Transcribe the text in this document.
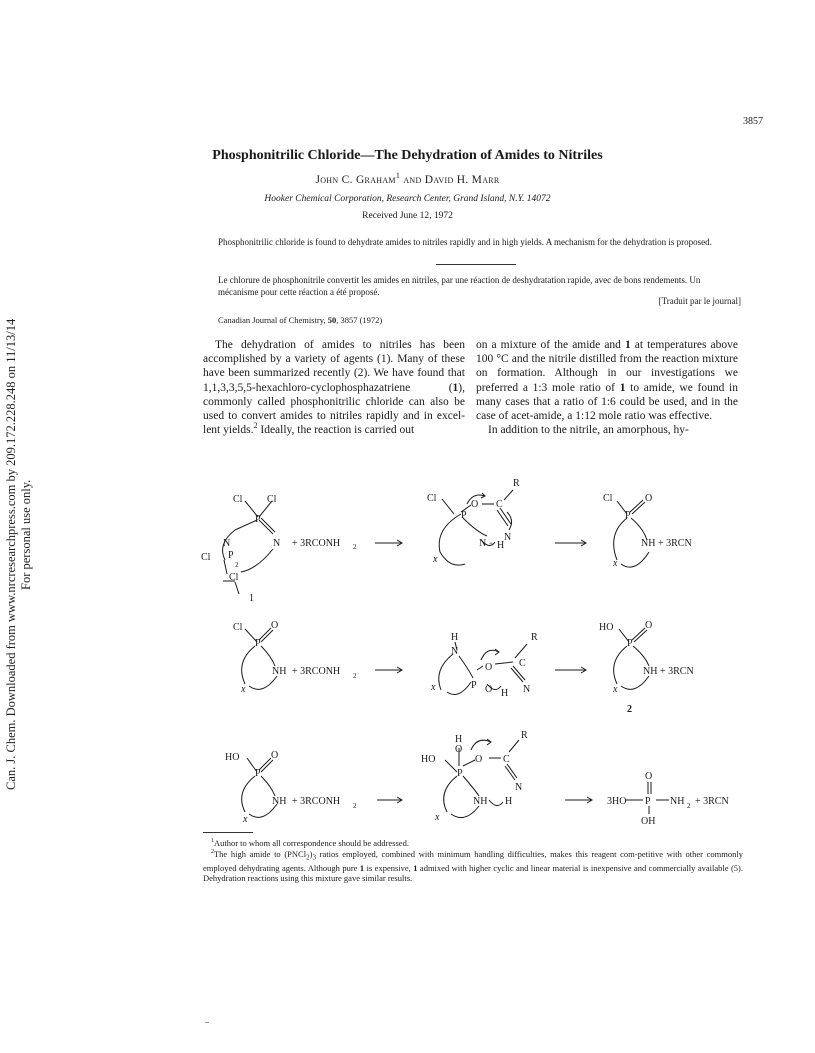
Can. J. Chem. Downloaded from www.nrcresearchpress.com by 209.172.228.248 on 11/13/14 For personal use only.
3857
Phosphonitrilic Chloride—The Dehydration of Amides to Nitriles
John C. Graham$^1$ and David H. Marr
Hooker Chemical Corporation, Research Center, Grand Island, N.Y. 14072
Received June 12, 1972
Phosphonitrilic chloride is found to dehydrate amides to nitriles rapidly and in high yields. A mechanism for the dehydration is proposed.
Le chlorure de phosphonitrile convertit les amides en nitriles, par une réaction de deshydratation rapide, avec de bons rendements. Un mécanisme pour cette réaction a été proposé.
[Traduit par le journal]
Canadian Journal of Chemistry, 50, 3857 (1972)

The dehydration of amides to nitriles has been accomplished by a variety of agents (1). Many of these have been summarized recently (2). We have found that 1,1,3,3,5,5-hexachloro-cyclophosphazatriene (1), commonly called phosphonitrilic chloride can also be used to convert amides to nitriles rapidly and in excel-lent yields.$^2$ Ideally, the reaction is carried out

on a mixture of the amide and 1 at temperatures above 100 °C and the nitrile distilled from the reaction mixture on formation. Although in our investigations we preferred a 1:3 mole ratio of 1 to amide, we found in many cases that a ratio of 1:6 could be used, and in the case of acet-amide, a 1:12 mole ratio was effective.

In addition to the nitrile, an amorphous, hy-

Cl Cl
P
N
N
Cl P
2
Cl
1
+ 3RCONH 2
Cl
O C
R
P
N
N + H
x
Cl	O
P
NH + 3RCN
x
Cl	O
P
NH + 3RCONH 2
x
H
N
O	C
R
N
P O H
x
HO	O
P
NH + 3RCN
x
2
HO	O
P
NH + 3RCONH 2
x
H
O
HO	O C
R
N
P
NH H
x
O
3HO P NH 2 + 3RCN
OH

$^1$Author to whom all correspondence should be addressed.

$^2$The high amide to $(PNCl_2)_3$ ratios employed, combined with minimum handling difficulties, makes this reagent com-petitive with other commonly employed dehydrating agents. Although pure 1 is expensive, 1 admixed with higher cyclic and linear material is inexpensive and commercially available (5). Dehydration reactions using this mixture gave similar results.
